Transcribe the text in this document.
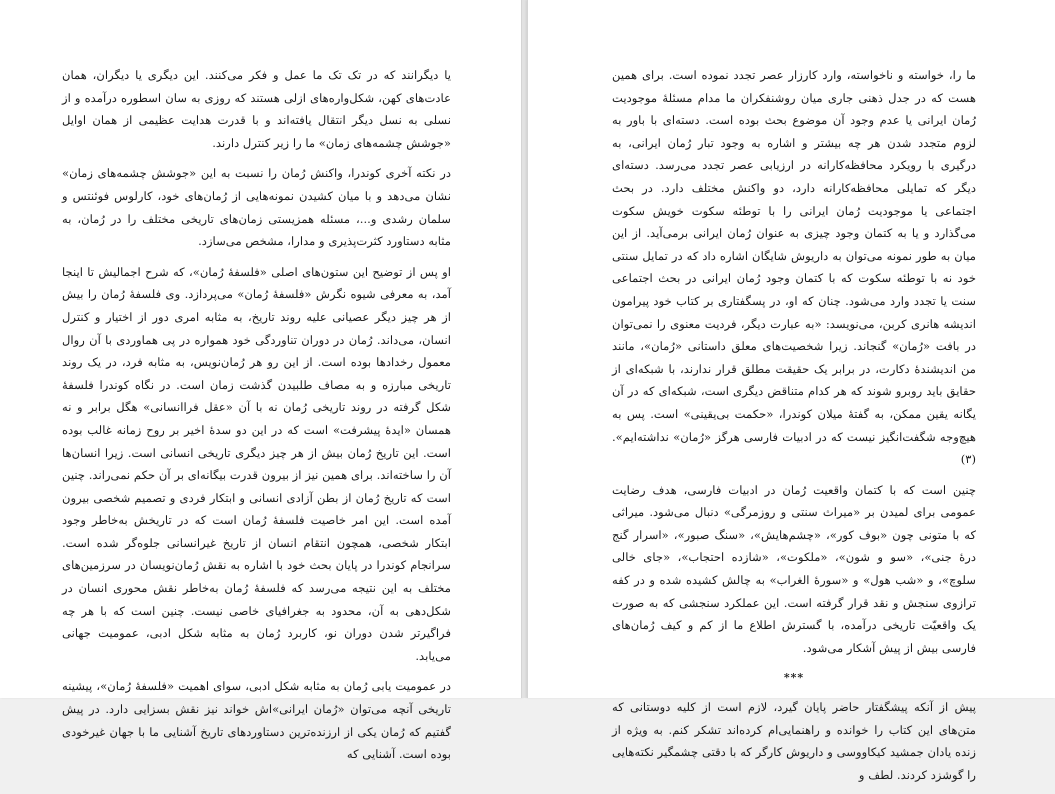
یا دیگرانند که در تک تک ما عمل و فکر می‌کنند. این دیگری یا دیگران، همان عادت‌های کهن، شکل‌واره‌های ازلی هستند که روزی به سان اسطوره درآمده و از نسلی به نسل دیگر انتقال یافته‌اند و با قدرت هدایت عظیمی از همان اوایل «جوشش چشمه‌های زمان» ما را زیر کنترل دارند.

در نکته آخری کوندرا، واکنش رُمان را نسبت به این «جوشش چشمه‌های زمان» نشان می‌دهد و با میان کشیدن نمونه‌هایی از رُمان‌های خود، کارلوس فوئنتس و سلمان رشدی و...، مسئله همزیستی زمان‌های تاریخی مختلف را در رُمان، به مثابه دستاورد کثرت‌پذیری و مدارا، مشخص می‌سازد.

او پس از توضیح این ستون‌های اصلی «فلسفهٔ رُمان»، که شرح اجمالیش تا اینجا آمد، به معرفی شیوه نگرش «فلسفهٔ رُمان» می‌پردازد. وی فلسفهٔ رُمان را بیش از هر چیز دیگر عصیانی علیه روند تاریخ، به مثابه امری دور از اختیار و کنترل انسان، می‌داند. رُمان در دوران تناوردگی خود همواره در پی هماوردی با آن روال معمول رخدادها بوده است. از این رو هر رُمان‌نویس، به مثابه فرد، در یک روند تاریخی مبارزه و به مصاف طلبیدن گذشت زمان است. در نگاه کوندرا فلسفهٔ شکل گرفته در روند تاریخی رُمان نه با آن «عقل فراانسانی» هگل برابر و نه همسان «ایدهٔ پیشرفت» است که در این دو سدهٔ اخیر بر روح زمانه غالب بوده است. این تاریخ رُمان بیش از هر چیز دیگری تاریخی انسانی است. زیرا انسان‌ها آن را ساخته‌اند. برای همین نیز از بیرون قدرت بیگانه‌ای بر آن حکم نمی‌راند. چنین است که تاریخ رُمان از بطن آزادی انسانی و ابتکار فردی و تصمیم شخصی بیرون آمده است. این امر خاصیت فلسفهٔ رُمان است که در تاریخش به‌خاطر وجود ابتکار شخصی، همچون انتقام انسان از تاریخ غیرانسانی جلوه‌گر شده است. سرانجام کوندرا در پایان بحث خود با اشاره به نقش رُمان‌نویسان در سرزمین‌های مختلف به این نتیجه می‌رسد که فلسفهٔ رُمان به‌خاطر نقش محوری انسان در شکل‌دهی به آن، محدود به جغرافیای خاصی نیست. چنین است که با هر چه فراگیرتر شدن دوران نو، کاربرد رُمان به مثابه شکل ادبی، عمومیت جهانی می‌یابد.

در عمومیت یابی رُمان به مثابه شکل ادبی، سوای اهمیت «فلسفهٔ رُمان»، پیشینه تاریخی آنچه می‌توان «رُمان ایرانی»اش خواند نیز نقش بسزایی دارد. در پیش گفتیم که رُمان یکی از ارزنده‌ترین دستاوردهای تاریخ آشنایی ما با جهان غیرخودی بوده است. آشنایی که

ما را، خواسته و ناخواسته، وارد کارزار عصر تجدد نموده است. برای همین هست که در جدل ذهنی جاری میان روشنفکران ما مدام مسئلهٔ موجودیت رُمان ایرانی یا عدم وجود آن موضوع بحث بوده است. دسته‌ای با باور به لزوم متجدد شدن هر چه بیشتر و اشاره به وجود تبار رُمان ایرانی، به درگیری با رویکرد محافظه‌کارانه در ارزیابی عصر تجدد می‌رسد. دسته‌ای دیگر که تمایلی محافظه‌کارانه دارد، دو واکنش مختلف دارد. در بحث اجتماعی یا موجودیت رُمان ایرانی را با توطئه سکوت خویش سکوت می‌گذارد و یا به کتمان وجود چیزی به عنوان رُمان ایرانی برمی‌آید. از این میان به طور نمونه می‌توان به داریوش شایگان اشاره داد که در تمایل سنتی خود نه با توطئه سکوت که با کتمان وجود رُمان ایرانی در بحث اجتماعی سنت یا تجدد وارد می‌شود. چنان که او، در پسگفتاری بر کتاب خود پیرامون اندیشه هانری کربن، می‌نویسد: «به عبارت دیگر، فردیت معنوی را نمی‌توان در بافت «رُمان» گنجاند. زیرا شخصیت‌های معلق داستانی «رُمان»، مانند من اندیشندهٔ دکارت، در برابر یک حقیقت مطلق قرار ندارند، با شبکه‌ای از حقایق باید روبرو شوند که هر کدام متناقض دیگری است، شبکه‌ای که در آن یگانه یقین ممکن، به گفتهٔ میلان کوندرا، «حکمت بی‌یقینی» است. پس به هیچ‌وجه شگفت‌انگیز نیست که در ادبیات فارسی هرگز «رُمان» نداشته‌ایم». (۳)

چنین است که با کتمان واقعیت رُمان در ادبیات فارسی، هدف رضایت عمومی برای لمیدن بر «میراث سنتی و روزمرگی» دنبال می‌شود. میراثی که با متونی چون «بوف کور»، «چشم‌هایش»، «سنگ صبور»، «اسرار گنج درهٔ جنی»، «سو و شون»، «ملکوت»، «شازده احتجاب»، «جای خالی سلوچ»، و «شب هول» و «سورهٔ الغراب» به چالش کشیده شده و در کفه ترازوی سنجش و نقد قرار گرفته است. این عملکرد سنجشی که به صورت یک واقعیّت تاریخی درآمده، با گسترش اطلاع ما از کم و کیف رُمان‌های فارسی بیش از پیش آشکار می‌شود.

***

پیش از آنکه پیشگفتار حاضر پایان گیرد، لازم است از کلیه دوستانی که متن‌های این کتاب را خوانده و راهنمایی‌ام کرده‌اند تشکر کنم. به ویژه از زنده یادان جمشید کیکاووسی و داریوش کارگر که با دقتی چشمگیر نکته‌هایی را گوشزد کردند. لطف و
